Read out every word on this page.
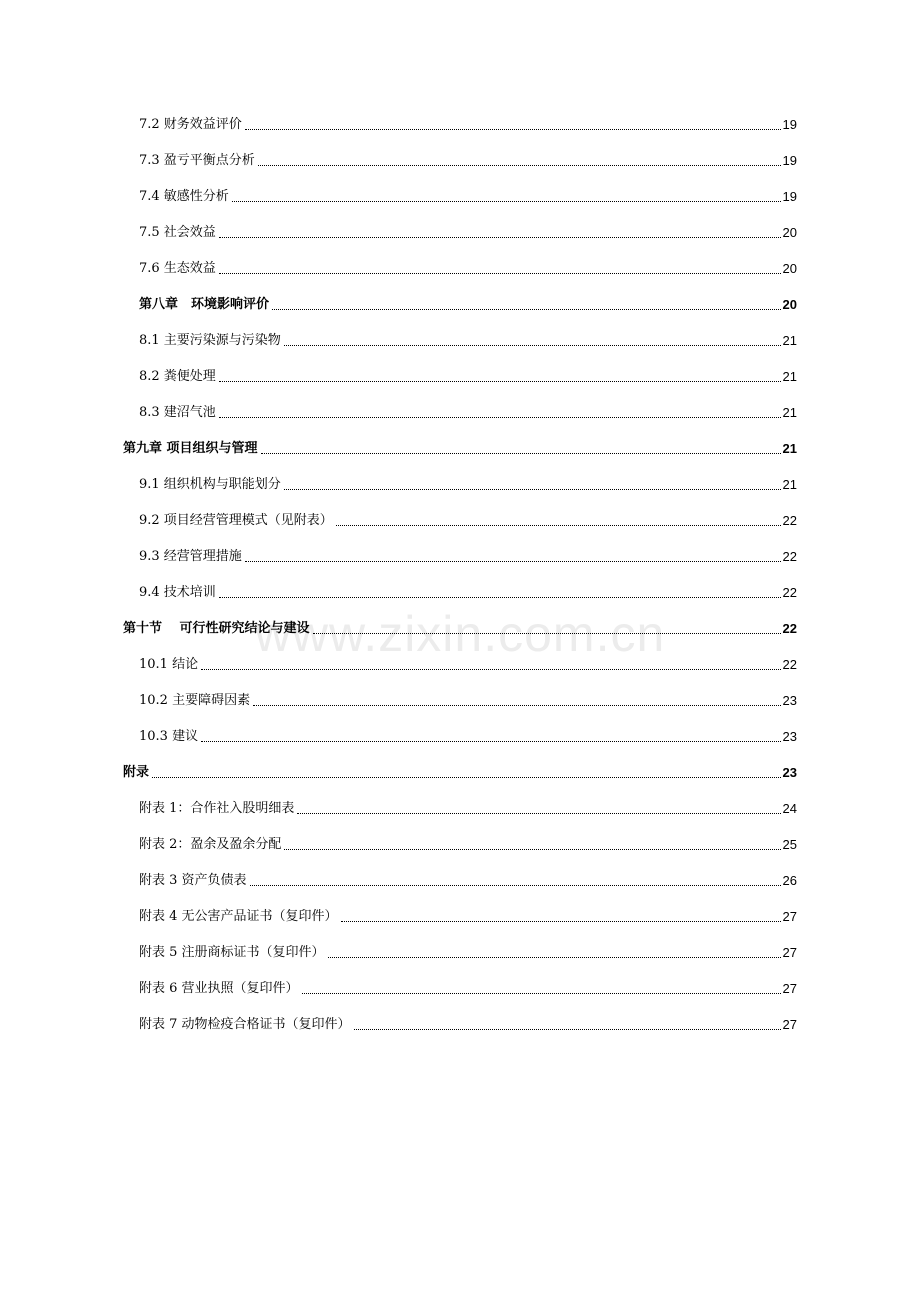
www.zixin.com.cn
7.2 财务效益评价	19
7.3 盈亏平衡点分析	19
7.4 敏感性分析	19
7.5 社会效益	20
7.6 生态效益	20
第八章　环境影响评价	20
8.1 主要污染源与污染物	21
8.2 粪便处理	21
8.3 建沼气池	21
第九章 项目组织与管理	21
9.1 组织机构与职能划分	21
9.2 项目经营管理模式（见附表）	22
9.3 经营管理措施	22
9.4 技术培训	22
第十节　 可行性研究结论与建设	22
10.1 结论	22
10.2 主要障碍因素	23
10.3 建议	23
附录	23
附表 1：合作社入股明细表	24
附表 2：盈余及盈余分配	25
附表 3 资产负债表	26
附表 4 无公害产品证书（复印件）	27
附表 5 注册商标证书（复印件）	27
附表 6 营业执照（复印件）	27
附表 7 动物检疫合格证书（复印件）	27
